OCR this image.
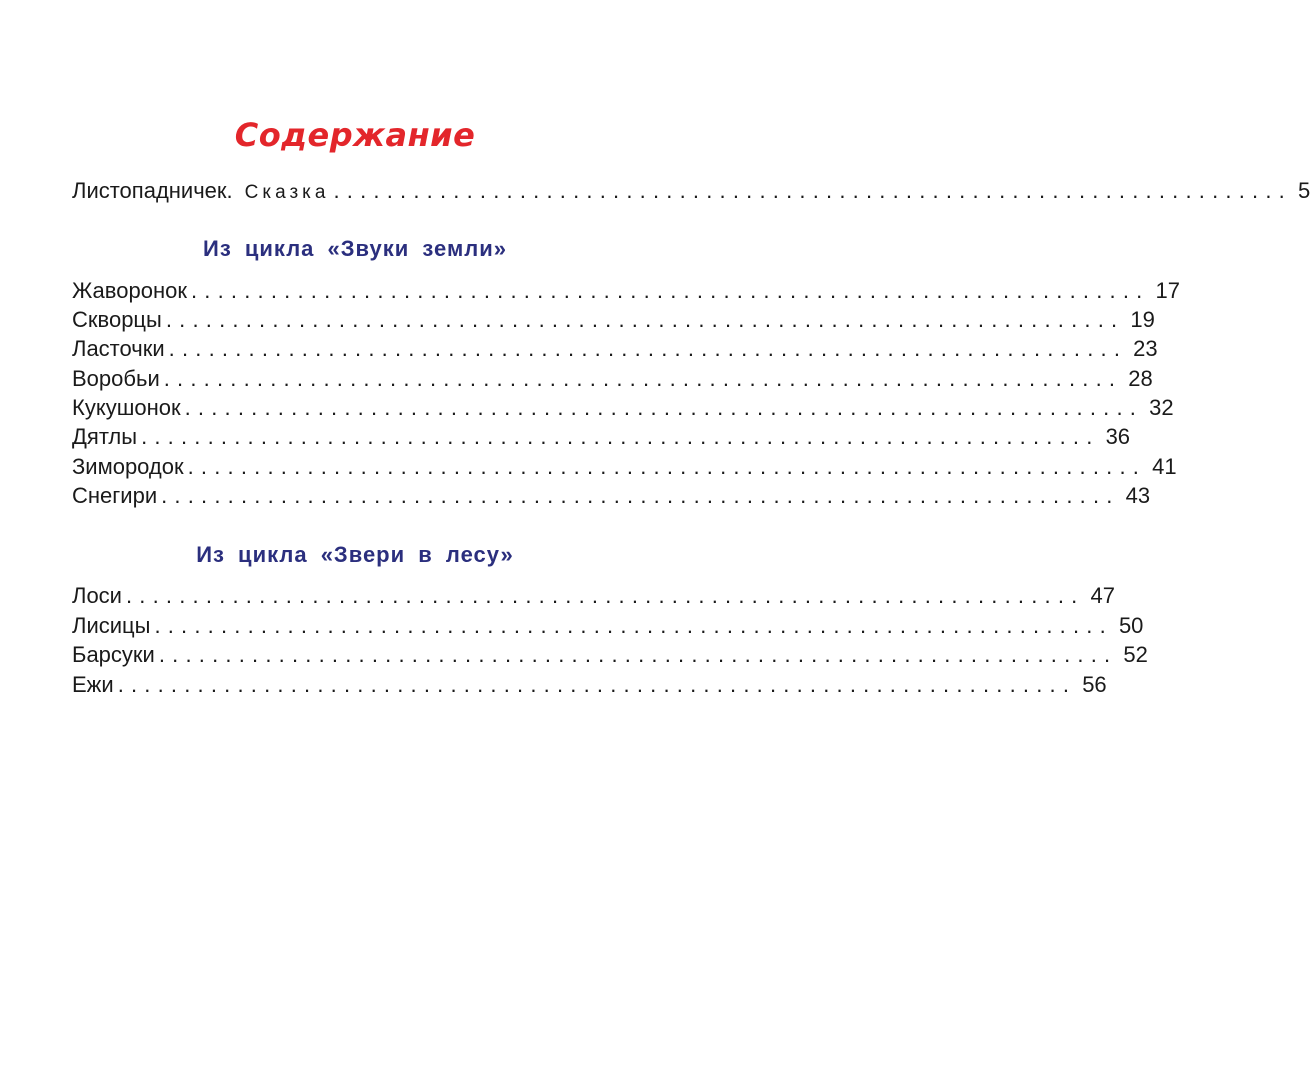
Содержание
Листопадничек. Сказка ........................................................................ 5
Из цикла «Звуки земли»
Жаворонок ........................................................................ 17
Скворцы ........................................................................ 19
Ласточки ........................................................................ 23
Воробьи ........................................................................ 28
Кукушонок ........................................................................ 32
Дятлы ........................................................................ 36
Зимородок ........................................................................ 41
Снегири ........................................................................ 43
Из цикла «Звери в лесу»
Лоси ........................................................................ 47
Лисицы ........................................................................ 50
Барсуки ........................................................................ 52
Ежи ........................................................................ 56
